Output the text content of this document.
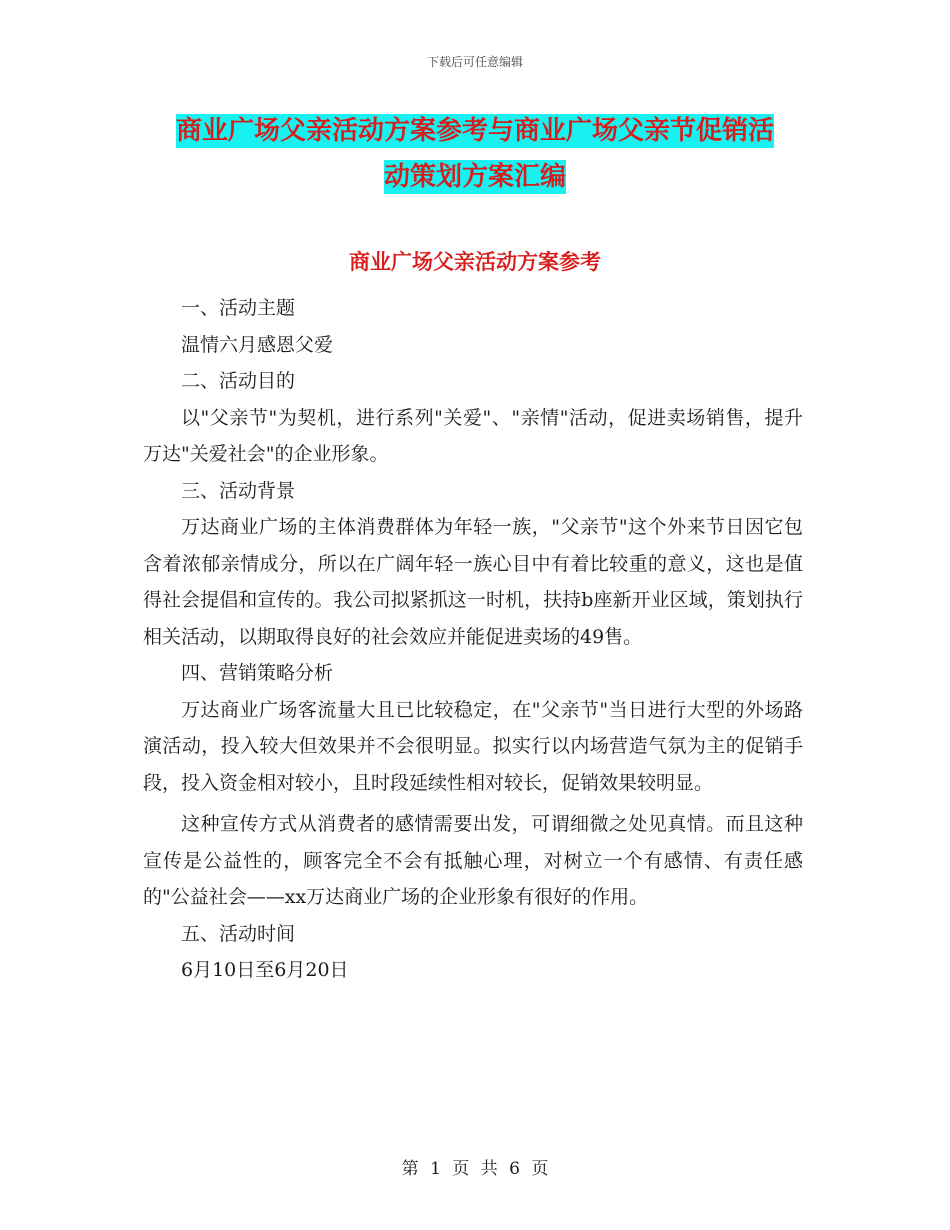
下载后可任意编辑
商业广场父亲活动方案参考与商业广场父亲节促销活
动策划方案汇编
商业广场父亲活动方案参考

一、活动主题

温情六月感恩父爱

二、活动目的

以"父亲节"为契机，进行系列"关爱"、"亲情"活动，促进卖场销售，提升万达"关爱社会"的企业形象。

三、活动背景

万达商业广场的主体消费群体为年轻一族，"父亲节"这个外来节日因它包含着浓郁亲情成分，所以在广阔年轻一族心目中有着比较重的意义，这也是值得社会提倡和宣传的。我公司拟紧抓这一时机，扶持b座新开业区域，策划执行相关活动，以期取得良好的社会效应并能促进卖场的49售。

四、营销策略分析

万达商业广场客流量大且已比较稳定，在"父亲节"当日进行大型的外场路演活动，投入较大但效果并不会很明显。拟实行以内场营造气氛为主的促销手段，投入资金相对较小，且时段延续性相对较长，促销效果较明显。

这种宣传方式从消费者的感情需要出发，可谓细微之处见真情。而且这种宣传是公益性的，顾客完全不会有抵触心理，对树立一个有感情、有责任感的"公益社会——xx万达商业广场的企业形象有很好的作用。

五、活动时间

6月10日至6月20日

第 1 页 共 6 页
